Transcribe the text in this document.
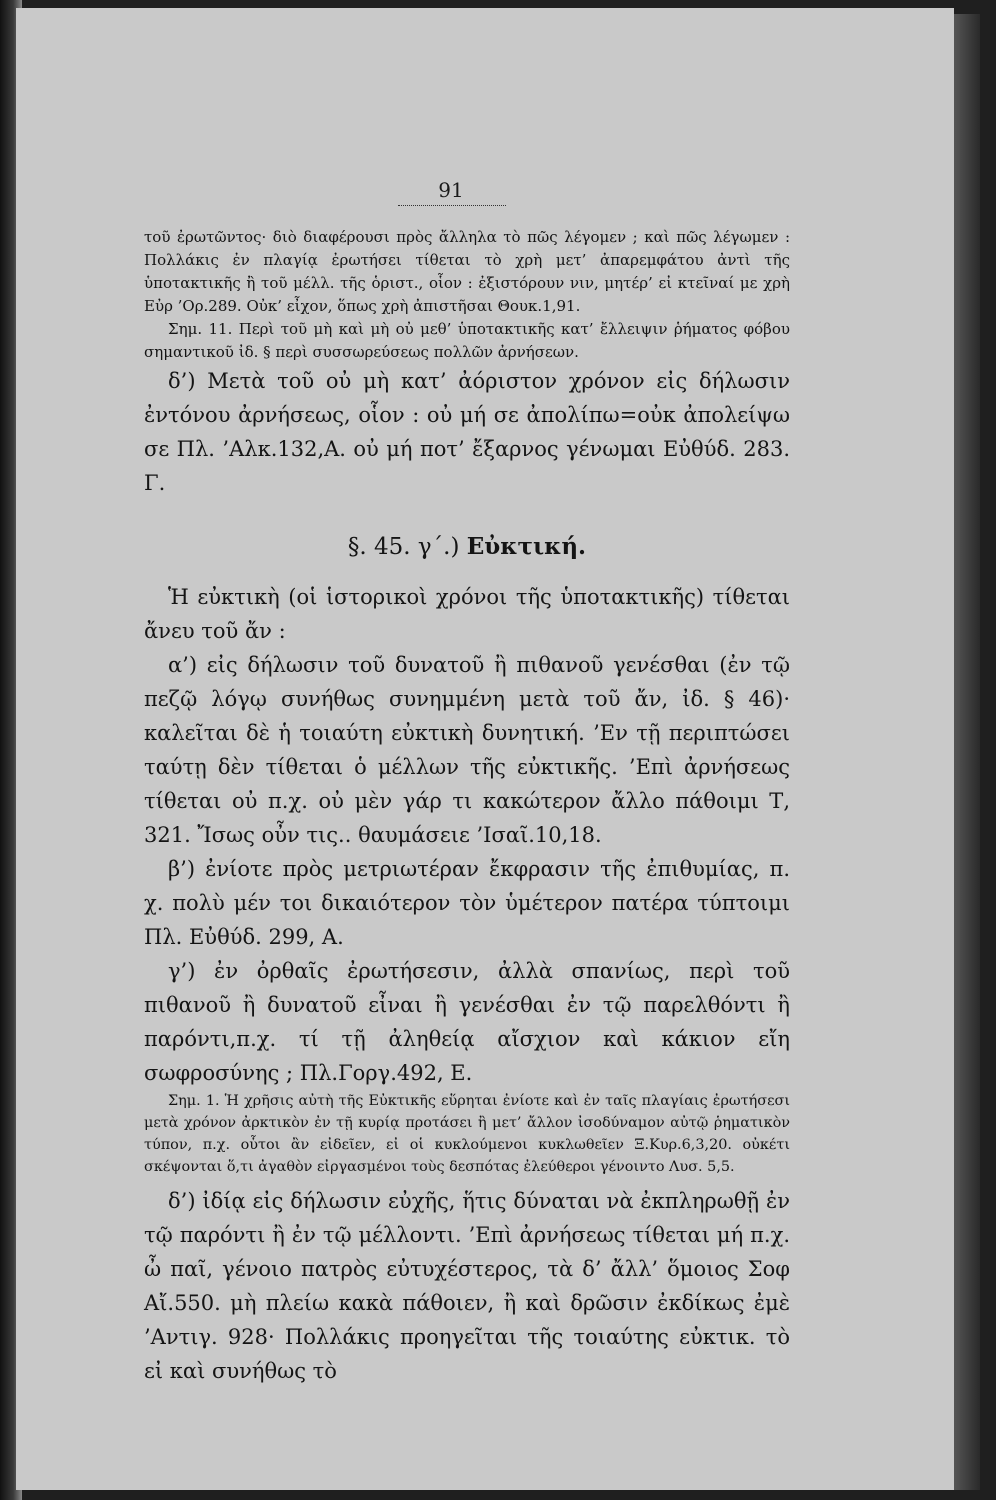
91

τοῦ ἐρωτῶντος· διὸ διαφέρουσι πρὸς ἄλληλα τὸ πῶς λέγομεν ; καὶ πῶς λέγωμεν : Πολλάκις ἐν πλαγίᾳ ἐρωτήσει τίθεται τὸ χρὴ μετ’ ἀπαρεμφάτου ἀντὶ τῆς ὑποτακτικῆς ἢ τοῦ μέλλ. τῆς ὁριστ., οἷον : ἐξιστόρουν νιν, μητέρ’ εἰ κτεῖναί με χρὴ Εὐρ ’Ορ.289. Οὐκ’ εἶχον, ὅπως χρὴ ἀπιστῆσαι Θουκ.1,91.

Σημ. 11. Περὶ τοῦ μὴ καὶ μὴ οὐ μεθ’ ὑποτακτικῆς κατ’ ἔλλειψιν ῥήματος φόβου σημαντικοῦ ἰδ. § περὶ συσσωρεύσεως πολλῶν ἀρνήσεων.

δ’) Μετὰ τοῦ οὐ μὴ κατ’ ἀόριστον χρόνον εἰς δήλωσιν ἐντόνου ἀρνήσεως, οἷον : οὐ μή σε ἀπολίπω=οὐκ ἀπολείψω σε Πλ. ’Αλκ.132,Α. οὐ μή ποτ’ ἔξαρνος γένωμαι Εὐθύδ. 283. Γ.

§. 45. γ΄.) Εὐκτική.

Ἡ εὐκτικὴ (οἱ ἱστορικοὶ χρόνοι τῆς ὑποτακτικῆς) τίθεται ἄνευ τοῦ ἄν :

α’) εἰς δήλωσιν τοῦ δυνατοῦ ἢ πιθανοῦ γενέσθαι (ἐν τῷ πεζῷ λόγῳ συνήθως συνημμένη μετὰ τοῦ ἄν, ἰδ. § 46)· καλεῖται δὲ ἡ τοιαύτη εὐκτικὴ δυνητική. ’Εν τῇ περιπτώσει ταύτῃ δὲν τίθεται ὁ μέλλων τῆς εὐκτικῆς. ’Επὶ ἀρνήσεως τίθεται οὐ π.χ. οὐ μὲν γάρ τι κακώτερον ἄλλο πάθοιμι Τ, 321. Ἴσως οὖν τις.. θαυμάσειε ’Ισαῖ.10,18.

β’) ἐνίοτε πρὸς μετριωτέραν ἔκφρασιν τῆς ἐπιθυμίας, π. χ. πολὺ μέν τοι δικαιότερον τὸν ὑμέτερον πατέρα τύπτοιμι Πλ. Εὐθύδ. 299, Α.

γ’) ἐν ὀρθαῖς ἐρωτήσεσιν, ἀλλὰ σπανίως, περὶ τοῦ πιθανοῦ ἢ δυνατοῦ εἶναι ἢ γενέσθαι ἐν τῷ παρελθόντι ἢ παρόντι,π.χ. τί τῇ ἀληθείᾳ αἴσχιον καὶ κάκιον εἴη σωφροσύνης ; Πλ.Γοργ.492, Ε.

Σημ. 1. Ἡ χρῆσις αὐτὴ τῆς Εὐκτικῆς εὕρηται ἐνίοτε καὶ ἐν ταῖς πλαγίαις ἐρωτήσεσι μετὰ χρόνον ἀρκτικὸν ἐν τῇ κυρίᾳ προτάσει ἢ μετ’ ἄλλον ἰσοδύναμον αὐτῷ ῥηματικὸν τύπον, π.χ. οὗτοι ἂν εἰδεῖεν, εἰ οἱ κυκλούμενοι κυκλωθεῖεν Ξ.Κυρ.6,3,20. οὐκέτι σκέψονται ὅ,τι ἀγαθὸν εἰργασμένοι τοὺς δεσπότας ἐλεύθεροι γένοιντο Λυσ. 5,5.

δ’) ἰδίᾳ εἰς δήλωσιν εὐχῆς, ἥτις δύναται νὰ ἐκπληρωθῇ ἐν τῷ παρόντι ἢ ἐν τῷ μέλλοντι. ’Επὶ ἀρνήσεως τίθεται μή π.χ. ὦ παῖ, γένοιο πατρὸς εὐτυχέστερος, τὰ δ’ ἄλλ’ ὅμοιος Σοφ Αἴ.550. μὴ πλείω κακὰ πάθοιεν, ἢ καὶ δρῶσιν ἐκδίκως ἐμὲ ’Αντιγ. 928· Πολλάκις προηγεῖται τῆς τοιαύτης εὐκτικ. τὸ εἰ καὶ συνήθως τὸ
